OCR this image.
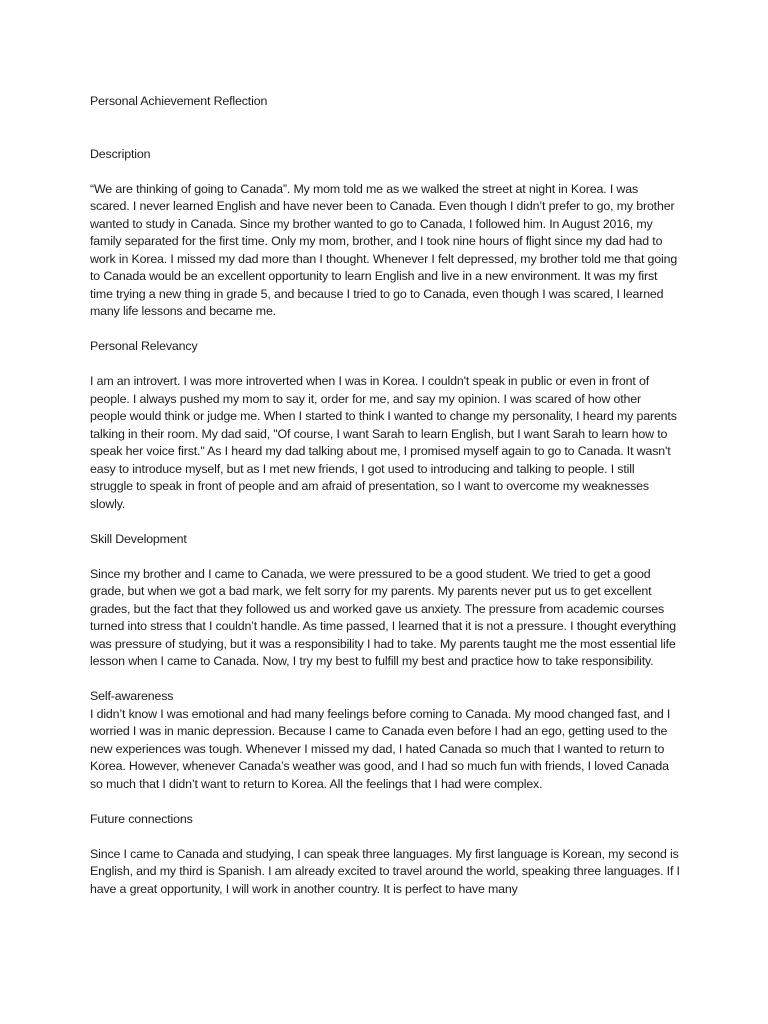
Personal Achievement Reflection

Description

“We are thinking of going to Canada”. My mom told me as we walked the street at night in Korea. I was scared. I never learned English and have never been to Canada. Even though I didn’t prefer to go, my brother wanted to study in Canada. Since my brother wanted to go to Canada, I followed him. In August 2016, my family separated for the first time. Only my mom, brother, and I took nine hours of flight since my dad had to work in Korea. I missed my dad more than I thought. Whenever I felt depressed, my brother told me that going to Canada would be an excellent opportunity to learn English and live in a new environment. It was my first time trying a new thing in grade 5, and because I tried to go to Canada, even though I was scared, I learned many life lessons and became me.

Personal Relevancy

I am an introvert. I was more introverted when I was in Korea. I couldn't speak in public or even in front of people. I always pushed my mom to say it, order for me, and say my opinion. I was scared of how other people would think or judge me. When I started to think I wanted to change my personality, I heard my parents talking in their room. My dad said, "Of course, I want Sarah to learn English, but I want Sarah to learn how to speak her voice first." As I heard my dad talking about me, I promised myself again to go to Canada. It wasn't easy to introduce myself, but as I met new friends, I got used to introducing and talking to people. I still struggle to speak in front of people and am afraid of presentation, so I want to overcome my weaknesses slowly.

Skill Development

Since my brother and I came to Canada, we were pressured to be a good student. We tried to get a good grade, but when we got a bad mark, we felt sorry for my parents. My parents never put us to get excellent grades, but the fact that they followed us and worked gave us anxiety. The pressure from academic courses turned into stress that I couldn’t handle. As time passed, I learned that it is not a pressure. I thought everything was pressure of studying, but it was a responsibility I had to take. My parents taught me the most essential life lesson when I came to Canada. Now, I try my best to fulfill my best and practice how to take responsibility.

Self-awareness

I didn’t know I was emotional and had many feelings before coming to Canada. My mood changed fast, and I worried I was in manic depression. Because I came to Canada even before I had an ego, getting used to the new experiences was tough. Whenever I missed my dad, I hated Canada so much that I wanted to return to Korea. However, whenever Canada’s weather was good, and I had so much fun with friends, I loved Canada so much that I didn’t want to return to Korea. All the feelings that I had were complex.

Future connections

Since I came to Canada and studying, I can speak three languages. My first language is Korean, my second is English, and my third is Spanish. I am already excited to travel around the world, speaking three languages. If I have a great opportunity, I will work in another country. It is perfect to have many
